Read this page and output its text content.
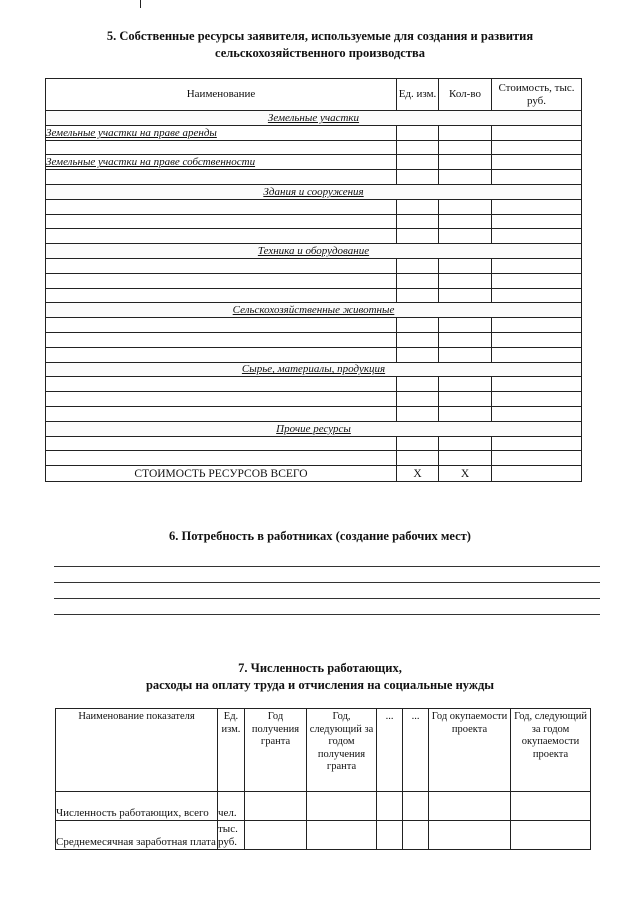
5. Собственные ресурсы заявителя, используемые для создания и развития
сельскохозяйственного производства
Наименование	Ед. изм.	Кол-во	Стоимость, тыс. руб.
Земельные участки			
Земельные участки на праве аренды			

Земельные участки на праве собственности			

Здания и сооружения			

Техника и оборудование			

Сельскохозяйственные животные			

Сырье, материалы, продукция			

Прочие ресурсы			

СТОИМОСТЬ РЕСУРСОВ ВСЕГО	Х	Х	
6. Потребность в работниках (создание рабочих мест)
7. Численность работающих,
расходы на оплату труда и отчисления на социальные нужды
Наименование показателя	Ед. изм.	Год получения гранта	Год, следующий за годом получения гранта	...	...	Год окупаемости проекта	Год, следующий за годом окупаемости проекта
Численность работающих, всего	чел.						
Среднемесячная заработная плата	тыс. руб.						
